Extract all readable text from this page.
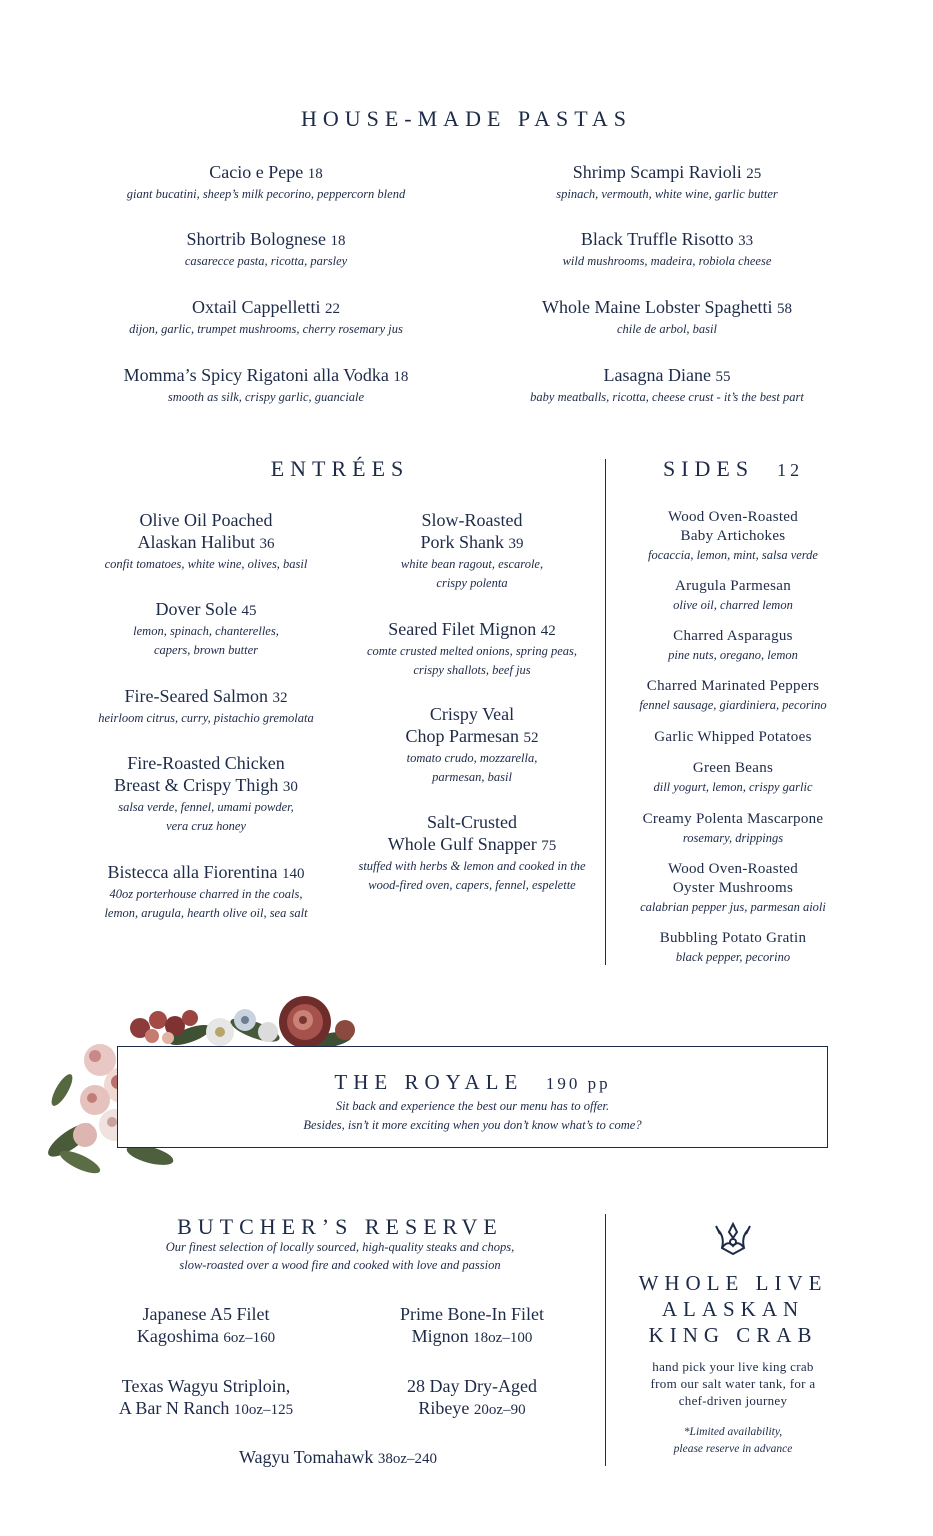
HOUSE-MADE PASTAS
Cacio e Pepe 18
giant bucatini, sheep’s milk pecorino, peppercorn blend
Shortrib Bolognese 18
casarecce pasta, ricotta, parsley
Oxtail Cappelletti 22
dijon, garlic, trumpet mushrooms, cherry rosemary jus
Momma’s Spicy Rigatoni alla Vodka 18
smooth as silk, crispy garlic, guanciale
Shrimp Scampi Ravioli 25
spinach, vermouth, white wine, garlic butter
Black Truffle Risotto 33
wild mushrooms, madeira, robiola cheese
Whole Maine Lobster Spaghetti 58
chile de arbol, basil
Lasagna Diane 55
baby meatballs, ricotta, cheese crust - it’s the best part
ENTRÉES
Olive Oil Poached
Alaskan Halibut 36
confit tomatoes, white wine, olives, basil
Dover Sole 45
lemon, spinach, chanterelles,
capers, brown butter
Fire-Seared Salmon 32
heirloom citrus, curry, pistachio gremolata
Fire-Roasted Chicken
Breast & Crispy Thigh 30
salsa verde, fennel, umami powder,
vera cruz honey
Bistecca alla Fiorentina 140
40oz porterhouse charred in the coals,
lemon, arugula, hearth olive oil, sea salt
Slow-Roasted
Pork Shank 39
white bean ragout, escarole,
crispy polenta
Seared Filet Mignon 42
comte crusted melted onions, spring peas,
crispy shallots, beef jus
Crispy Veal
Chop Parmesan 52
tomato crudo, mozzarella,
parmesan, basil
Salt-Crusted
Whole Gulf Snapper 75
stuffed with herbs & lemon and cooked in the
wood-fired oven, capers, fennel, espelette
SIDES 12
Wood Oven-Roasted
Baby Artichokes
focaccia, lemon, mint, salsa verde
Arugula Parmesan
olive oil, charred lemon
Charred Asparagus
pine nuts, oregano, lemon
Charred Marinated Peppers
fennel sausage, giardiniera, pecorino
Garlic Whipped Potatoes
Green Beans
dill yogurt, lemon, crispy garlic
Creamy Polenta Mascarpone
rosemary, drippings
Wood Oven-Roasted
Oyster Mushrooms
calabrian pepper jus, parmesan aioli
Bubbling Potato Gratin
black pepper, pecorino
THE ROYALE 190 pp
Sit back and experience the best our menu has to offer.
Besides, isn’t it more exciting when you don’t know what’s to come?
BUTCHER’S RESERVE
Our finest selection of locally sourced, high-quality steaks and chops,
slow-roasted over a wood fire and cooked with love and passion
Japanese A5 Filet
Kagoshima 6oz–160
Prime Bone-In Filet
Mignon 18oz–100
Texas Wagyu Striploin,
A Bar N Ranch 10oz–125
28 Day Dry-Aged
Ribeye 20oz–90
Wagyu Tomahawk 38oz–240
WHOLE LIVE
ALASKAN
KING CRAB
hand pick your live king crab
from our salt water tank, for a
chef-driven journey
*Limited availability,
please reserve in advance
